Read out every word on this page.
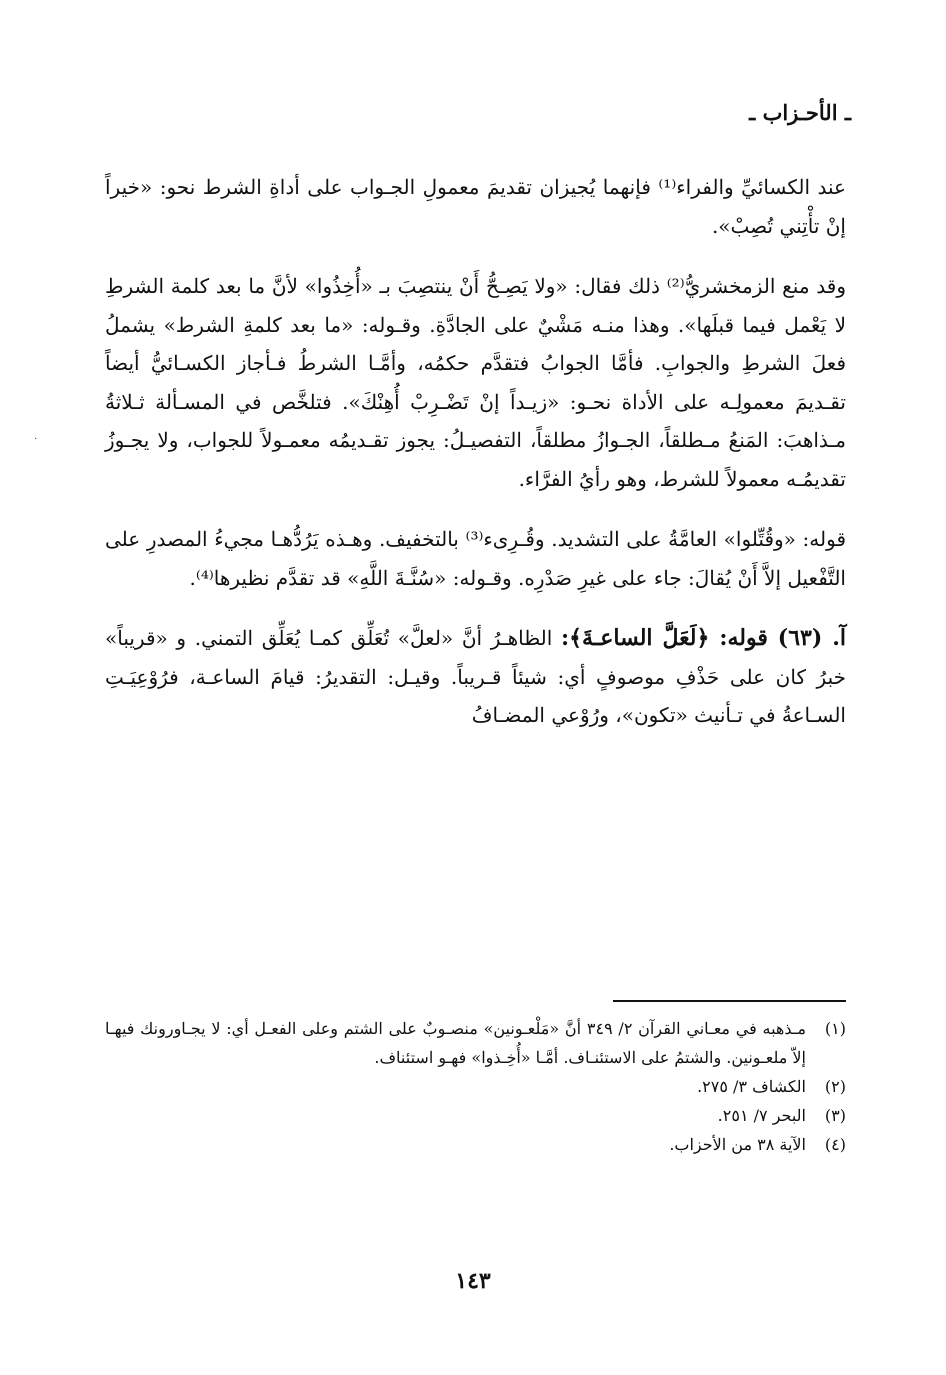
ـ الأحـزاب ـ
·

عند الكسائيِّ والفراء⁽¹⁾ فإنهما يُجيزان تقديمَ معمولِ الجـواب على أداةِ الشرط نحو: «خيراً إنْ تأْتِني تُصِبْ».

وقد منع الزمخشريُّ⁽²⁾ ذلك فقال: «ولا يَصِـحُّ أَنْ ينتصِبَ بـ «أُخِذُوا» لأنَّ ما بعد كلمة الشرطِ لا يَعْمل فيما قبلَها». وهذا منـه مَشْيٌ على الجادَّةِ. وقـوله: «ما بعد كلمةِ الشرط» يشملُ فعلَ الشرطِ والجوابِ. فأمَّا الجوابُ فتقدَّم حكمُه، وأمَّـا الشرطُ فـأجاز الكسـائيُّ أيضاً تقـديمَ معمولِـه على الأداة نحـو: «زيـداً إنْ تَضْـرِبْ أُهِنْكَ». فتلخَّص في المسـألة ثـلاثةُ مـذاهبَ: المَنعُ مـطلقاً، الجـوازُ مطلقاً، التفصيـلُ: يجوز تقـديمُه معمـولاً للجواب، ولا يجـوزُ تقديمُـه معمولاً للشرط، وهو رأيُ الفرَّاء.

قوله: «وقُتِّلوا» العامَّةُ على التشديد. وقُـرِىء⁽³⁾ بالتخفيف. وهـذه يَرُدُّهـا مجيءُ المصدرِ على التَّفْعيل إلاَّ أَنْ يُقالَ: جاء على غيرِ صَدْرِه. وقـوله: «سُنَّـةَ اللَّهِ» قد تقدَّم نظيرها⁽⁴⁾.

آ. (٦٣) قوله: ﴿لَعَلَّ الساعـةَ﴾: الظاهـرُ أنَّ «لعلَّ» تُعَلِّق كمـا يُعَلِّق التمني. و «قريباً» خبرُ كان على حَذْفِ موصوفٍ أي: شيئاً قـريباً. وقيـل: التقديرُ: قيامَ الساعـة، فرُوْعِيَـتِ السـاعةُ في تـأنيث «تكون»، ورُوْعي المضـافُ

(١)
مـذهبه في معـاني القرآن ٢/ ٣٤٩ أنَّ «مَلْعـونين» منصـوبٌ على الشتم وعلى الفعـل أي: لا يجـاورونك فيهـا إلاّ ملعـونين. والشتمُ على الاستئنـاف. أمَّـا «أُخِـذوا» فهـو استئناف.
(٢)
الكشاف ٣/ ٢٧٥.
(٣)
البحر ٧/ ٢٥١.
(٤)
الآية ٣٨ من الأحزاب.
١٤٣
